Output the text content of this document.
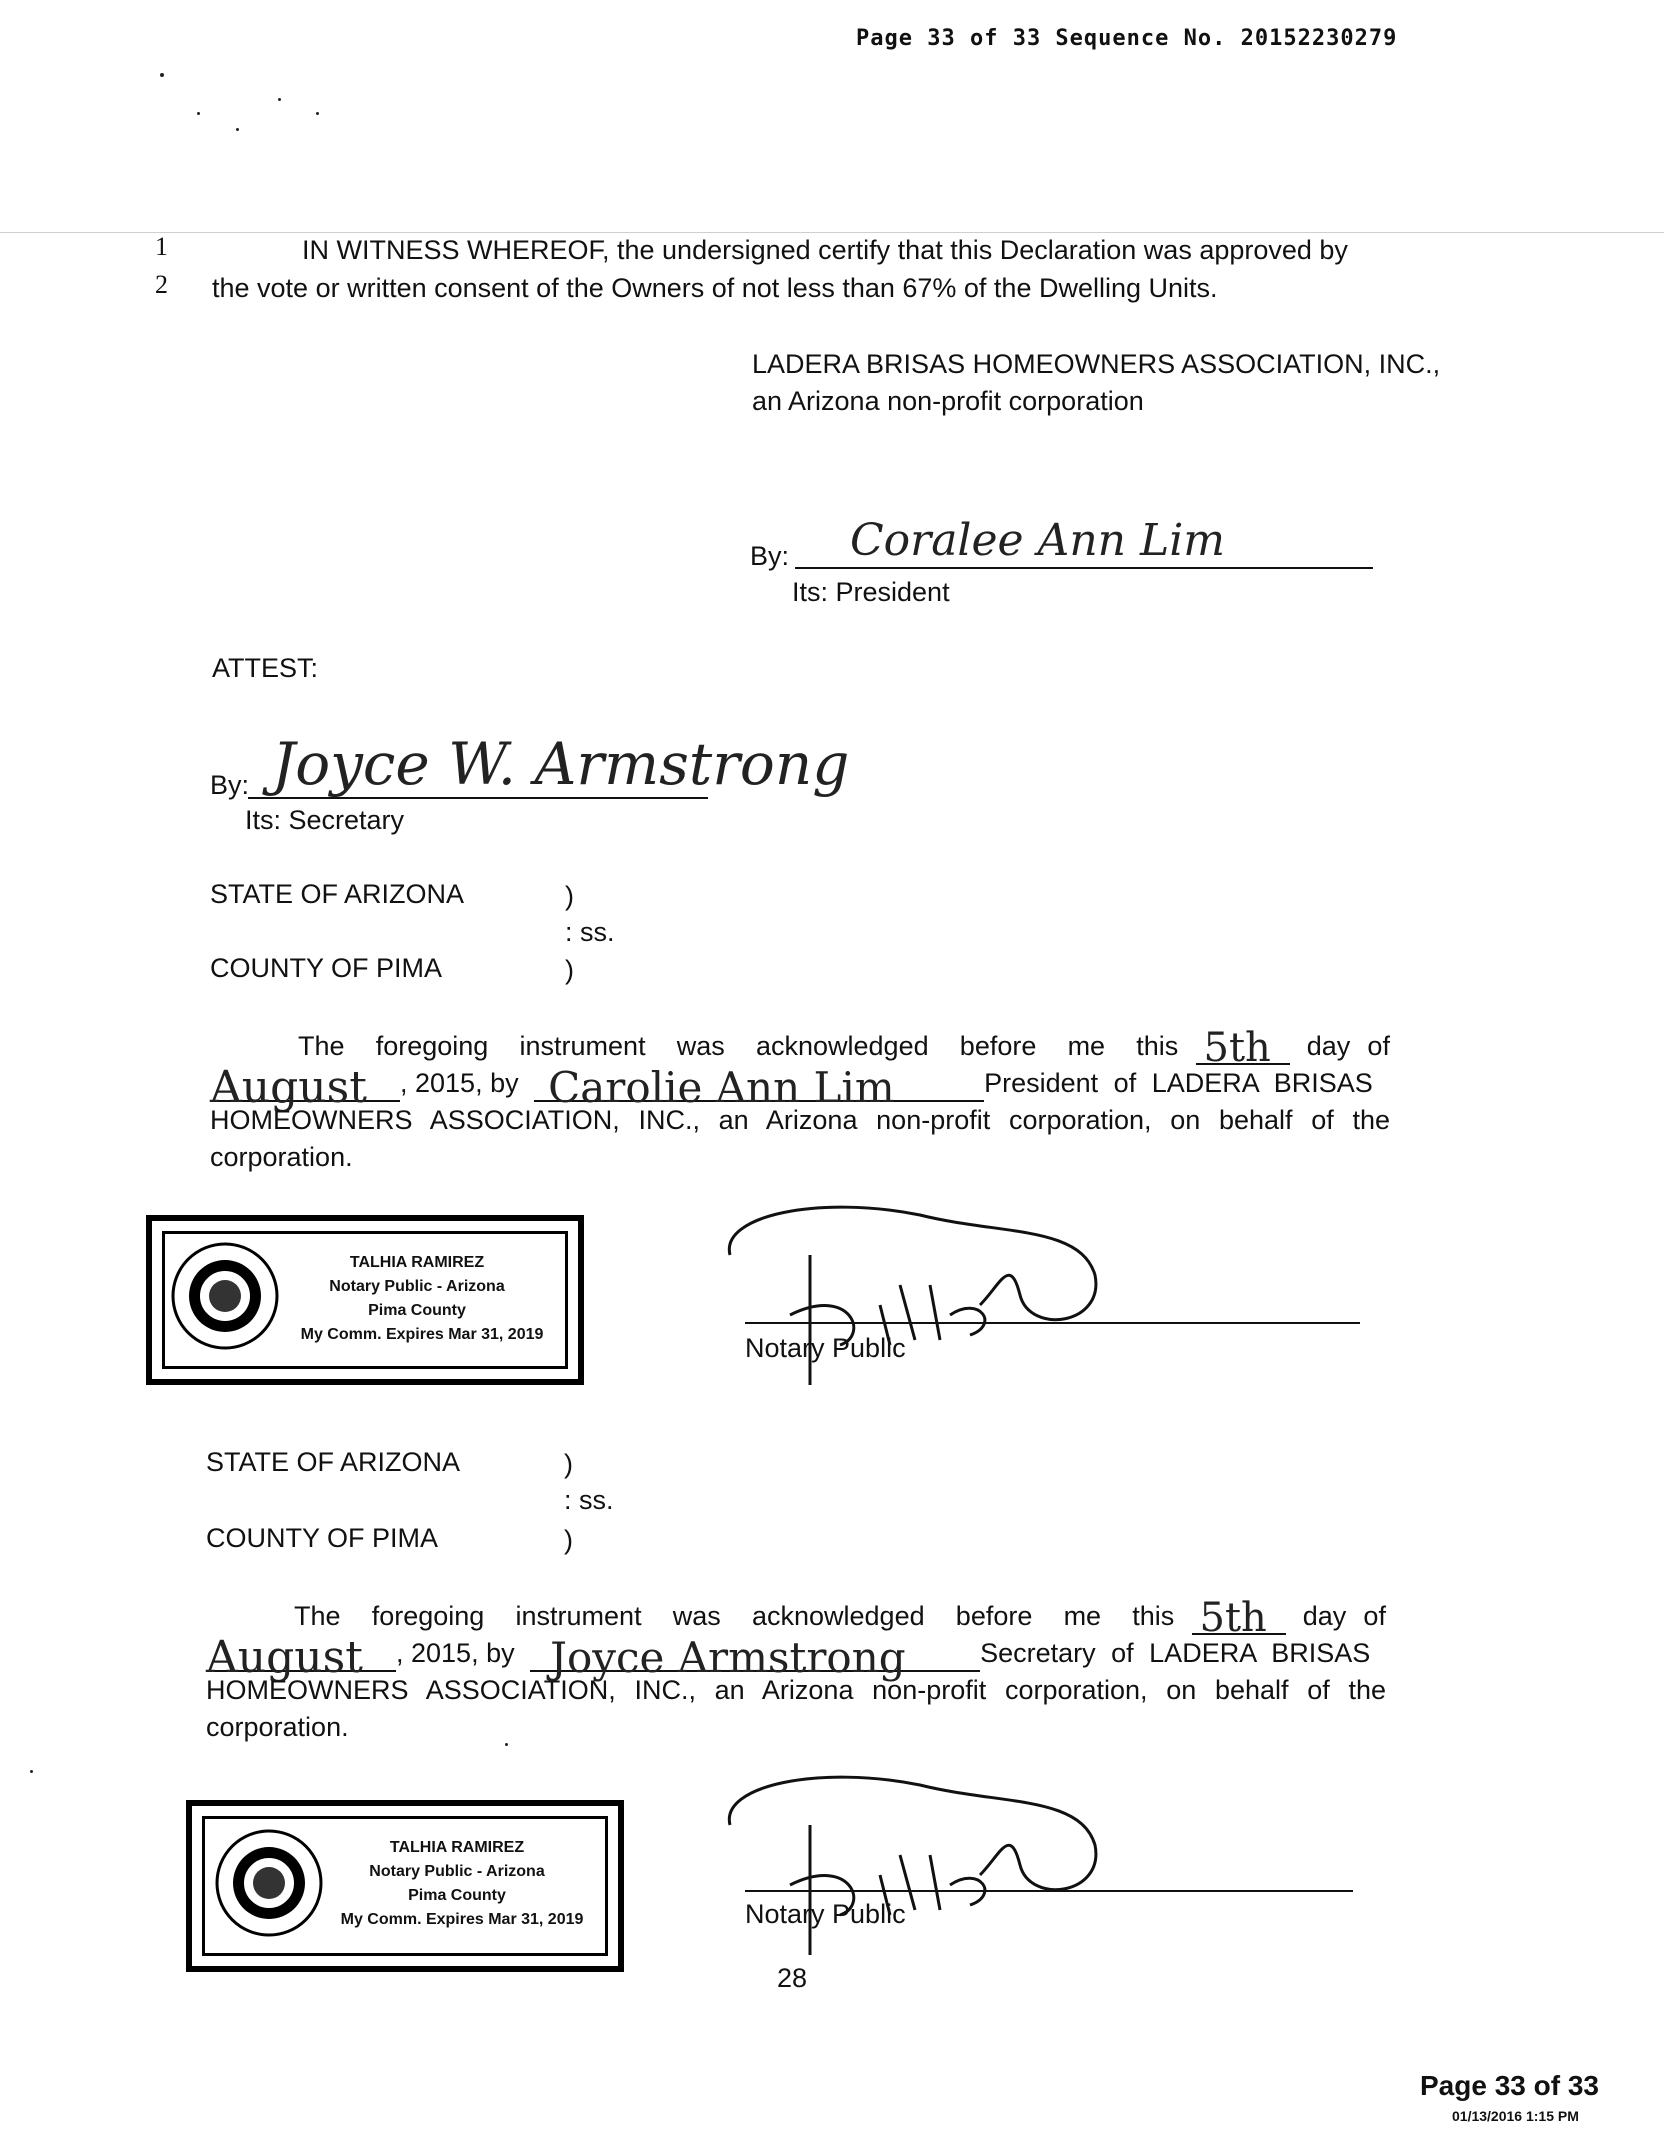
Page 33 of 33 Sequence No. 20152230279
1
2
IN WITNESS WHEREOF, the undersigned certify that this Declaration was approved by
the vote or written consent of the Owners of not less than 67% of the Dwelling Units.
LADERA BRISAS HOMEOWNERS ASSOCIATION, INC.,
an Arizona non-profit corporation
By: Coralee Ann Lim
Its: President
ATTEST:
By: Joyce W. Armstrong
Its: Secretary
STATE OF ARIZONA	)
: ss.
COUNTY OF PIMA	)
The foregoing instrument was acknowledged before me this 5th day of
August , 2015, by Carolie Ann Lim	President of LADERA BRISAS
HOMEOWNERS ASSOCIATION, INC., an Arizona non-profit corporation, on behalf of the
corporation.
TALHIA RAMIREZ
Notary Public - Arizona
Pima County
My Comm. Expires Mar 31, 2019	Notary Public
STATE OF ARIZONA	)
: ss.
COUNTY OF PIMA	)
The foregoing instrument was acknowledged before me this 5th day of
August , 2015, by Joyce Armstrong	Secretary of LADERA BRISAS
HOMEOWNERS ASSOCIATION, INC., an Arizona non-profit corporation, on behalf of the
corporation.
TALHIA RAMIREZ
Notary Public - Arizona
Pima County
My Comm. Expires Mar 31, 2019	Notary Public
28
Page 33 of 33
01/13/2016 1:15 PM
